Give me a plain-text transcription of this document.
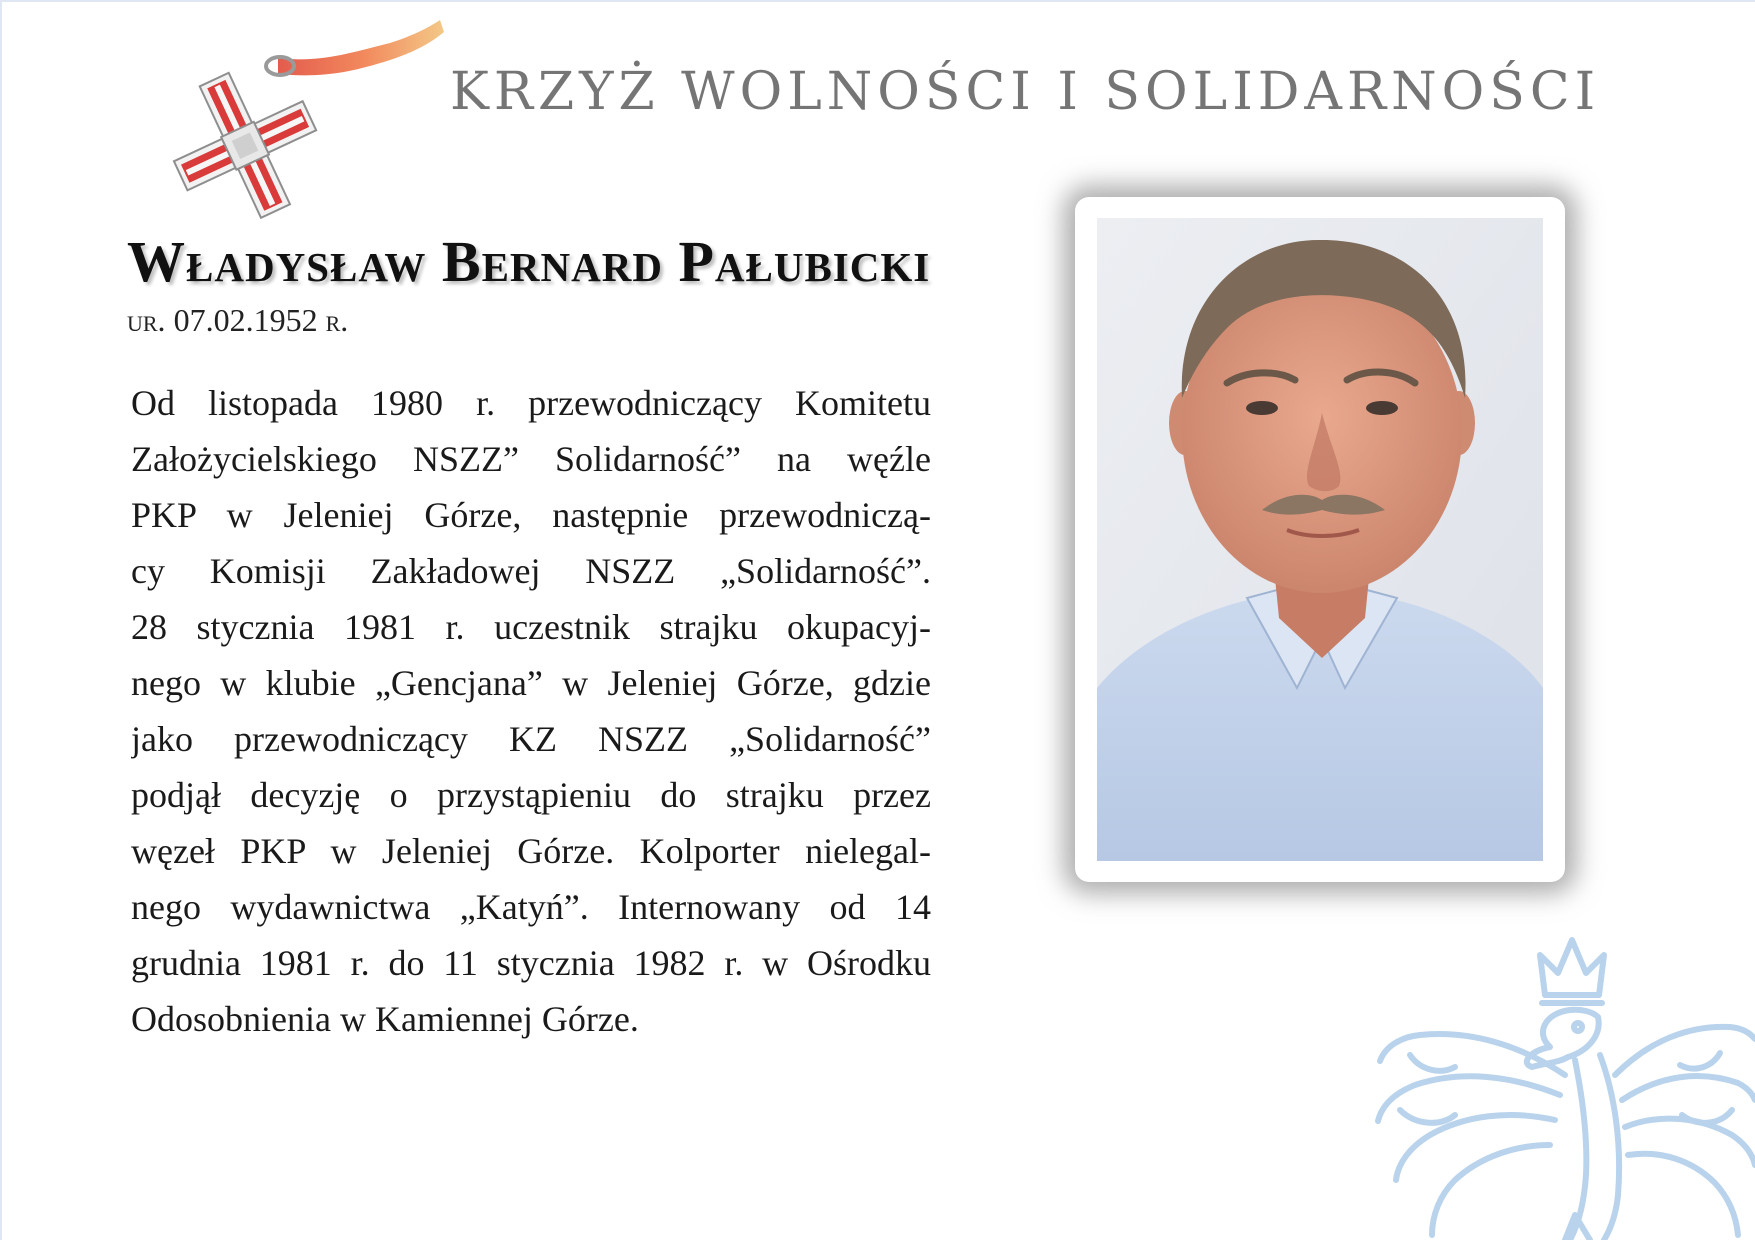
KRZYŻ WOLNOŚCI I SOLIDARNOŚCI
Władysław Bernard Pałubicki
ur. 07.02.1952 r.
Od listopada 1980 r. przewodniczący Komitetu
Założycielskiego NSZZ” Solidarność” na węźle
PKP w Jeleniej Górze, następnie przewodniczą-
cy Komisji Zakładowej NSZZ „Solidarność”.
28 stycznia 1981 r. uczestnik strajku okupacyj-
nego w klubie „Gencjana” w Jeleniej Górze, gdzie
jako przewodniczący KZ NSZZ „Solidarność”
podjął decyzję o przystąpieniu do strajku przez
węzeł PKP w Jeleniej Górze. Kolporter nielegal-
nego wydawnictwa „Katyń”. Internowany od 14
grudnia 1981 r. do 11 stycznia 1982 r. w Ośrodku
Odosobnienia w Kamiennej Górze.
